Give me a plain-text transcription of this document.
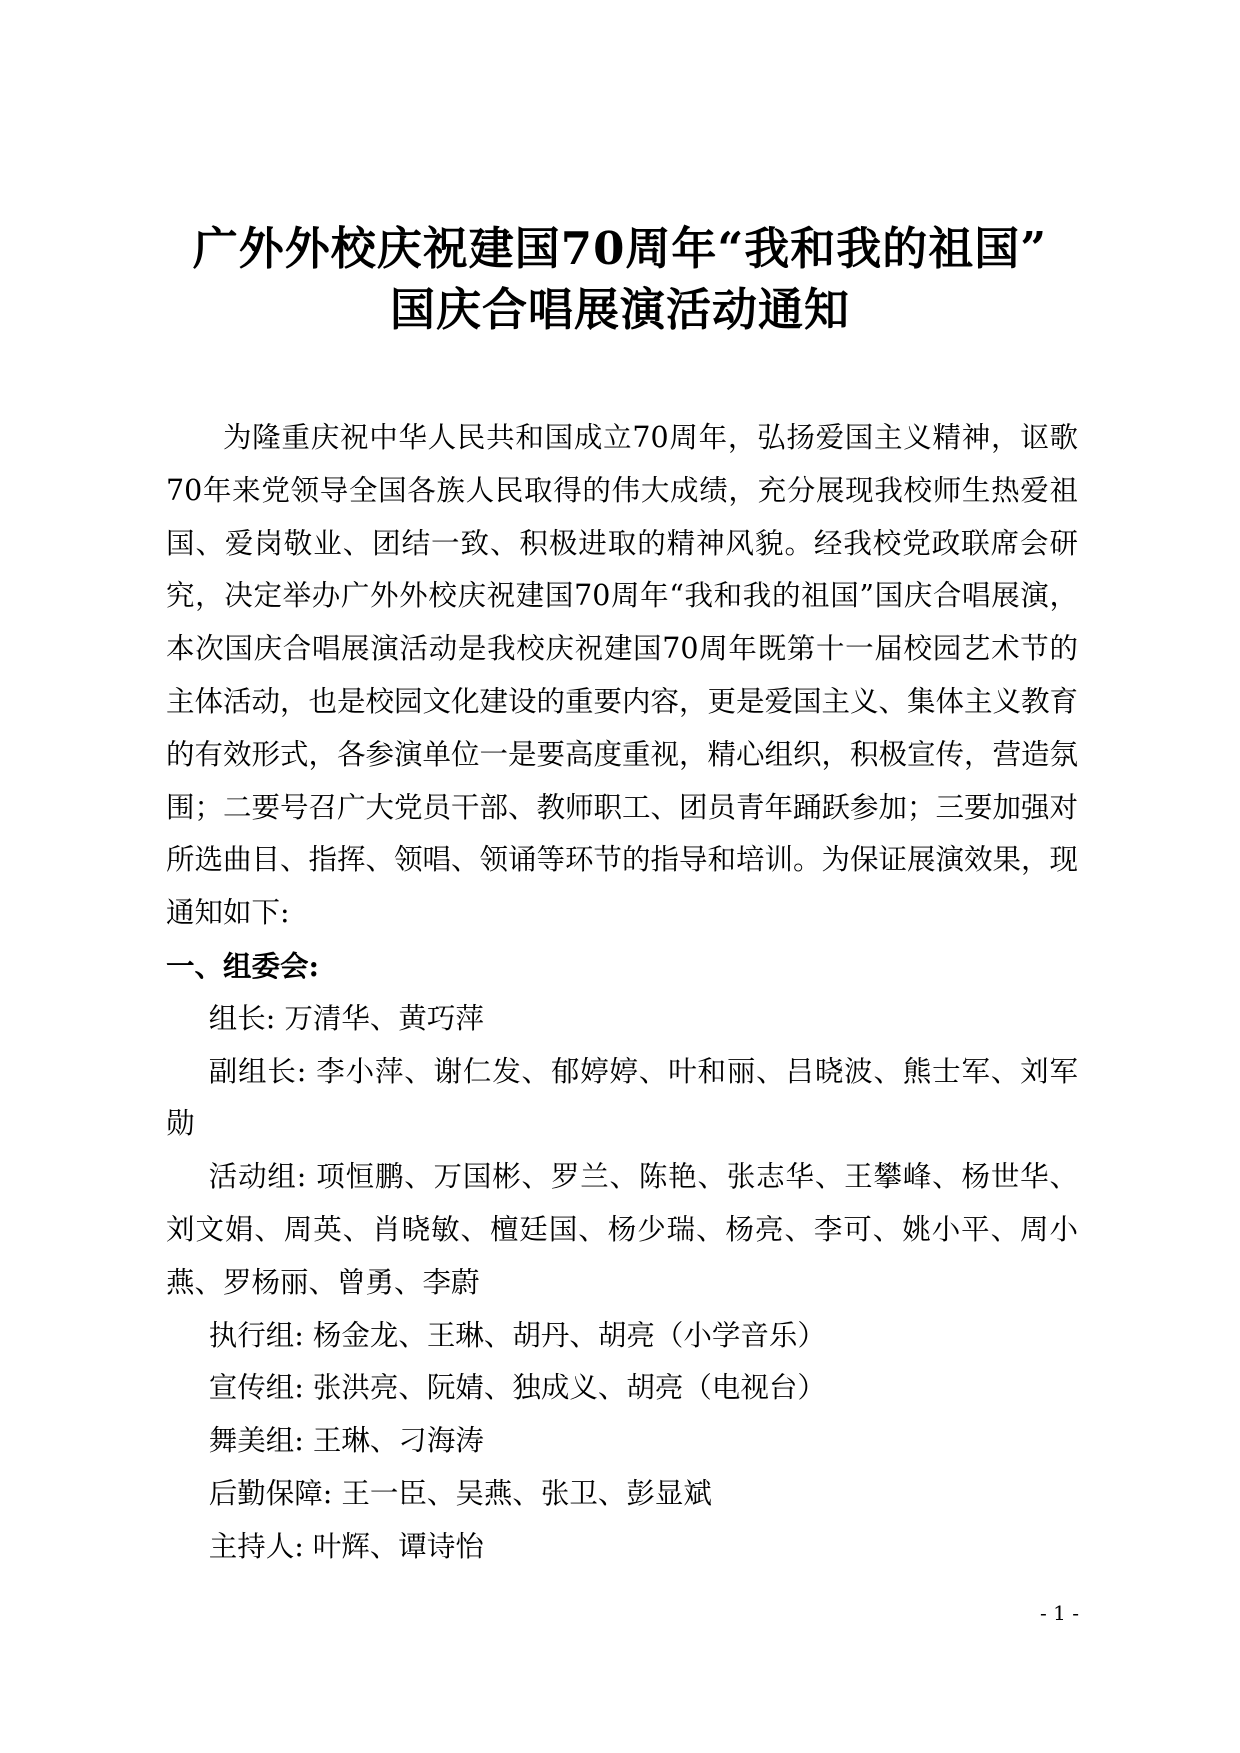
广外外校庆祝建国70周年“我和我的祖国”
国庆合唱展演活动通知

为隆重庆祝中华人民共和国成立70周年，弘扬爱国主义精神，讴歌70年来党领导全国各族人民取得的伟大成绩，充分展现我校师生热爱祖国、爱岗敬业、团结一致、积极进取的精神风貌。经我校党政联席会研究，决定举办广外外校庆祝建国70周年“我和我的祖国”国庆合唱展演，本次国庆合唱展演活动是我校庆祝建国70周年既第十一届校园艺术节的主体活动，也是校园文化建设的重要内容，更是爱国主义、集体主义教育的有效形式，各参演单位一是要高度重视，精心组织，积极宣传，营造氛围；二要号召广大党员干部、教师职工、团员青年踊跃参加；三要加强对所选曲目、指挥、领唱、领诵等环节的指导和培训。为保证展演效果，现通知如下:

一、组委会:

组长: 万清华、黄巧萍

副组长: 李小萍、谢仁发、郁婷婷、叶和丽、吕晓波、熊士军、刘军勋

活动组: 项恒鹏、万国彬、罗兰、陈艳、张志华、王攀峰、杨世华、刘文娟、周英、肖晓敏、檀廷国、杨少瑞、杨亮、李可、姚小平、周小燕、罗杨丽、曾勇、李蔚

执行组: 杨金龙、王琳、胡丹、胡亮（小学音乐）

宣传组: 张洪亮、阮婧、独成义、胡亮（电视台）

舞美组: 王琳、刁海涛

后勤保障: 王一臣、吴燕、张卫、彭显斌

主持人: 叶辉、谭诗怡

- 1 -
